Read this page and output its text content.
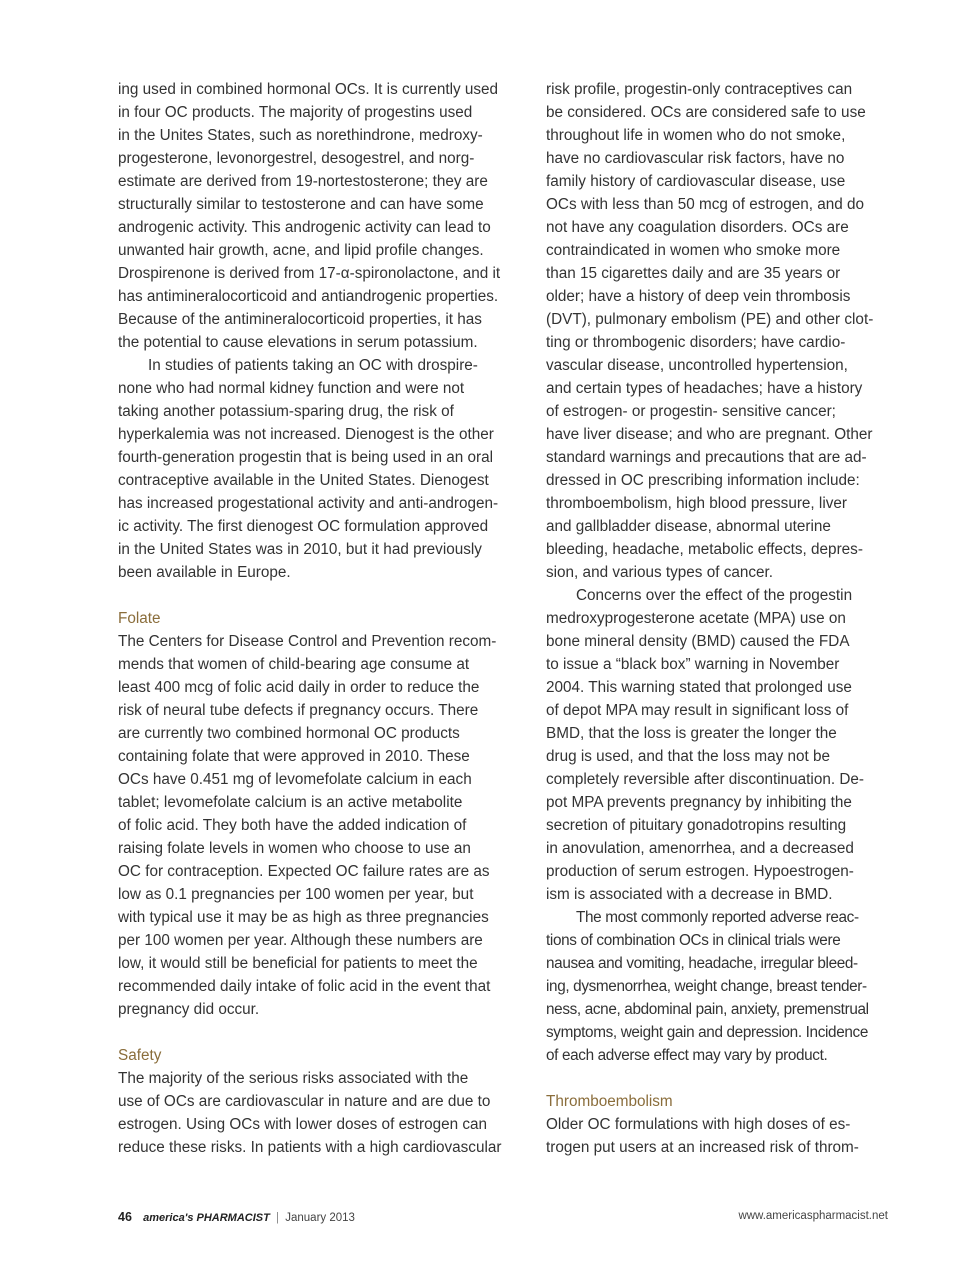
ing used in combined hormonal OCs. It is currently used
in four OC products. The majority of progestins used
in the Unites States, such as norethindrone, medroxy-
progesterone, levonorgestrel, desogestrel, and norg-
estimate are derived from 19-nortestosterone; they are
structurally similar to testosterone and can have some
androgenic activity. This androgenic activity can lead to
unwanted hair growth, acne, and lipid profile changes.
Drospirenone is derived from 17-α-spironolactone, and it
has antimineralocorticoid and antiandrogenic properties.
Because of the antimineralocorticoid properties, it has
the potential to cause elevations in serum potassium.
In studies of patients taking an OC with drospire-
none who had normal kidney function and were not
taking another potassium-sparing drug, the risk of
hyperkalemia was not increased. Dienogest is the other
fourth-generation progestin that is being used in an oral
contraceptive available in the United States. Dienogest
has increased progestational activity and anti-androgen-
ic activity. The first dienogest OC formulation approved
in the United States was in 2010, but it had previously
been available in Europe.
Folate
The Centers for Disease Control and Prevention recom-
mends that women of child-bearing age consume at
least 400 mcg of folic acid daily in order to reduce the
risk of neural tube defects if pregnancy occurs. There
are currently two combined hormonal OC products
containing folate that were approved in 2010. These
OCs have 0.451 mg of levomefolate calcium in each
tablet; levomefolate calcium is an active metabolite
of folic acid. They both have the added indication of
raising folate levels in women who choose to use an
OC for contraception. Expected OC failure rates are as
low as 0.1 pregnancies per 100 women per year, but
with typical use it may be as high as three pregnancies
per 100 women per year. Although these numbers are
low, it would still be beneficial for patients to meet the
recommended daily intake of folic acid in the event that
pregnancy did occur.
Safety
The majority of the serious risks associated with the
use of OCs are cardiovascular in nature and are due to
estrogen. Using OCs with lower doses of estrogen can
reduce these risks. In patients with a high cardiovascular
risk profile, progestin-only contraceptives can
be considered. OCs are considered safe to use
throughout life in women who do not smoke,
have no cardiovascular risk factors, have no
family history of cardiovascular disease, use
OCs with less than 50 mcg of estrogen, and do
not have any coagulation disorders. OCs are
contraindicated in women who smoke more
than 15 cigarettes daily and are 35 years or
older; have a history of deep vein thrombosis
(DVT), pulmonary embolism (PE) and other clot-
ting or thrombogenic disorders; have cardio-
vascular disease, uncontrolled hypertension,
and certain types of headaches; have a history
of estrogen- or progestin- sensitive cancer;
have liver disease; and who are pregnant. Other
standard warnings and precautions that are ad-
dressed in OC prescribing information include:
thromboembolism, high blood pressure, liver
and gallbladder disease, abnormal uterine
bleeding, headache, metabolic effects, depres-
sion, and various types of cancer.
Concerns over the effect of the progestin
medroxyprogesterone acetate (MPA) use on
bone mineral density (BMD) caused the FDA
to issue a “black box” warning in November
2004. This warning stated that prolonged use
of depot MPA may result in significant loss of
BMD, that the loss is greater the longer the
drug is used, and that the loss may not be
completely reversible after discontinuation. De-
pot MPA prevents pregnancy by inhibiting the
secretion of pituitary gonadotropins resulting
in anovulation, amenorrhea, and a decreased
production of serum estrogen. Hypoestrogen-
ism is associated with a decrease in BMD.
The most commonly reported adverse reac-
tions of combination OCs in clinical trials were
nausea and vomiting, headache, irregular bleed-
ing, dysmenorrhea, weight change, breast tender-
ness, acne, abdominal pain, anxiety, premenstrual
symptoms, weight gain and depression. Incidence
of each adverse effect may vary by product.
Thromboembolism
Older OC formulations with high doses of es-
trogen put users at an increased risk of throm-
46 america's PHARMACIST | January 2013	www.americaspharmacist.net
